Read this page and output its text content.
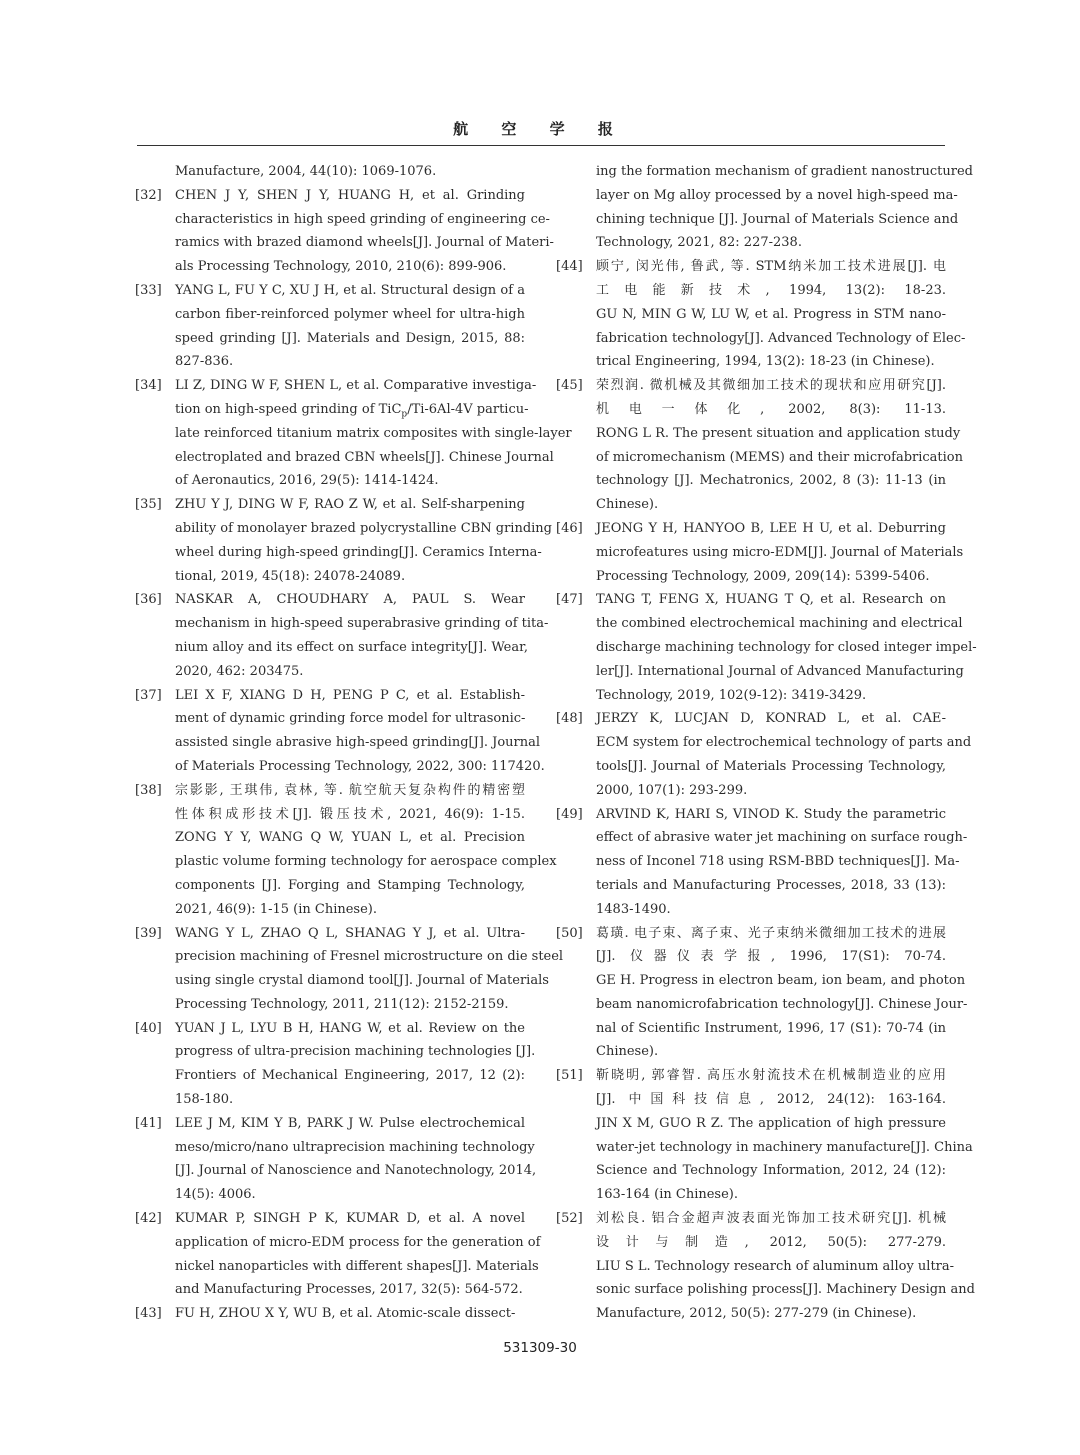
航 空 学 报
Manufacture, 2004, 44(10): 1069-1076.
[32]	CHEN J Y, SHEN J Y, HUANG H, et al. Grinding
characteristics in high speed grinding of engineering ce-
ramics with brazed diamond wheels[J]. Journal of Materi-
als Processing Technology, 2010, 210(6): 899-906.
[33]	YANG L, FU Y C, XU J H, et al. Structural design of a
carbon fiber-reinforced polymer wheel for ultra-high
speed grinding [J]. Materials and Design, 2015, 88:
827-836.
[34]	LI Z, DING W F, SHEN L, et al. Comparative investiga-
tion on high-speed grinding of TiC$_p$/Ti-6Al-4V particu-
late reinforced titanium matrix composites with single-layer
electroplated and brazed CBN wheels[J]. Chinese Journal
of Aeronautics, 2016, 29(5): 1414-1424.
[35]	ZHU Y J, DING W F, RAO Z W, et al. Self-sharpening
ability of monolayer brazed polycrystalline CBN grinding
wheel during high-speed grinding[J]. Ceramics Interna-
tional, 2019, 45(18): 24078-24089.
[36]	NASKAR A, CHOUDHARY A, PAUL S. Wear
mechanism in high-speed superabrasive grinding of tita-
nium alloy and its effect on surface integrity[J]. Wear,
2020, 462: 203475.
[37]	LEI X F, XIANG D H, PENG P C, et al. Establish-
ment of dynamic grinding force model for ultrasonic-
assisted single abrasive high-speed grinding[J]. Journal
of Materials Processing Technology, 2022, 300: 117420.
[38]	宗影影, 王琪伟, 袁林, 等. 航空航天复杂构件的精密塑
性体积成形技术[J]. 锻压技术, 2021, 46(9): 1-15.
ZONG Y Y, WANG Q W, YUAN L, et al. Precision
plastic volume forming technology for aerospace complex
components [J]. Forging and Stamping Technology,
2021, 46(9): 1-15 (in Chinese).
[39]	WANG Y L, ZHAO Q L, SHANAG Y J, et al. Ultra-
precision machining of Fresnel microstructure on die steel
using single crystal diamond tool[J]. Journal of Materials
Processing Technology, 2011, 211(12): 2152-2159.
[40]	YUAN J L, LYU B H, HANG W, et al. Review on the
progress of ultra-precision machining technologies [J].
Frontiers of Mechanical Engineering, 2017, 12 (2):
158-180.
[41]	LEE J M, KIM Y B, PARK J W. Pulse electrochemical
meso/micro/nano ultraprecision machining technology
[J]. Journal of Nanoscience and Nanotechnology, 2014,
14(5): 4006.
[42]	KUMAR P, SINGH P K, KUMAR D, et al. A novel
application of micro-EDM process for the generation of
nickel nanoparticles with different shapes[J]. Materials
and Manufacturing Processes, 2017, 32(5): 564-572.
[43]	FU H, ZHOU X Y, WU B, et al. Atomic-scale dissect-
ing the formation mechanism of gradient nanostructured
layer on Mg alloy processed by a novel high-speed ma-
chining technique [J]. Journal of Materials Science and
Technology, 2021, 82: 227-238.
[44]	顾宁, 闵光伟, 鲁武, 等. STM纳米加工技术进展[J]. 电
工电能新技术, 1994, 13(2): 18-23.
GU N, MIN G W, LU W, et al. Progress in STM nano-
fabrication technology[J]. Advanced Technology of Elec-
trical Engineering, 1994, 13(2): 18-23 (in Chinese).
[45]	荣烈润. 微机械及其微细加工技术的现状和应用研究[J].
机电一体化, 2002, 8(3): 11-13.
RONG L R. The present situation and application study
of micromechanism (MEMS) and their microfabrication
technology [J]. Mechatronics, 2002, 8 (3): 11-13 (in
Chinese).
[46]	JEONG Y H, HANYOO B, LEE H U, et al. Deburring
microfeatures using micro-EDM[J]. Journal of Materials
Processing Technology, 2009, 209(14): 5399-5406.
[47]	TANG T, FENG X, HUANG T Q, et al. Research on
the combined electrochemical machining and electrical
discharge machining technology for closed integer impel-
ler[J]. International Journal of Advanced Manufacturing
Technology, 2019, 102(9-12): 3419-3429.
[48]	JERZY K, LUCJAN D, KONRAD L, et al. CAE-
ECM system for electrochemical technology of parts and
tools[J]. Journal of Materials Processing Technology,
2000, 107(1): 293-299.
[49]	ARVIND K, HARI S, VINOD K. Study the parametric
effect of abrasive water jet machining on surface rough-
ness of Inconel 718 using RSM-BBD techniques[J]. Ma-
terials and Manufacturing Processes, 2018, 33 (13):
1483-1490.
[50]	葛璜. 电子束、离子束、光子束纳米微细加工技术的进展
[J]. 仪器仪表学报, 1996, 17(S1): 70-74.
GE H. Progress in electron beam, ion beam, and photon
beam nanomicrofabrication technology[J]. Chinese Jour-
nal of Scientific Instrument, 1996, 17 (S1): 70-74 (in
Chinese).
[51]	靳晓明, 郭睿智. 高压水射流技术在机械制造业的应用
[J]. 中国科技信息, 2012, 24(12): 163-164.
JIN X M, GUO R Z. The application of high pressure
water-jet technology in machinery manufacture[J]. China
Science and Technology Information, 2012, 24 (12):
163-164 (in Chinese).
[52]	刘松良. 铝合金超声波表面光饰加工技术研究[J]. 机械
设计与制造, 2012, 50(5): 277-279.
LIU S L. Technology research of aluminum alloy ultra-
sonic surface polishing process[J]. Machinery Design and
Manufacture, 2012, 50(5): 277-279 (in Chinese).
531309-30
